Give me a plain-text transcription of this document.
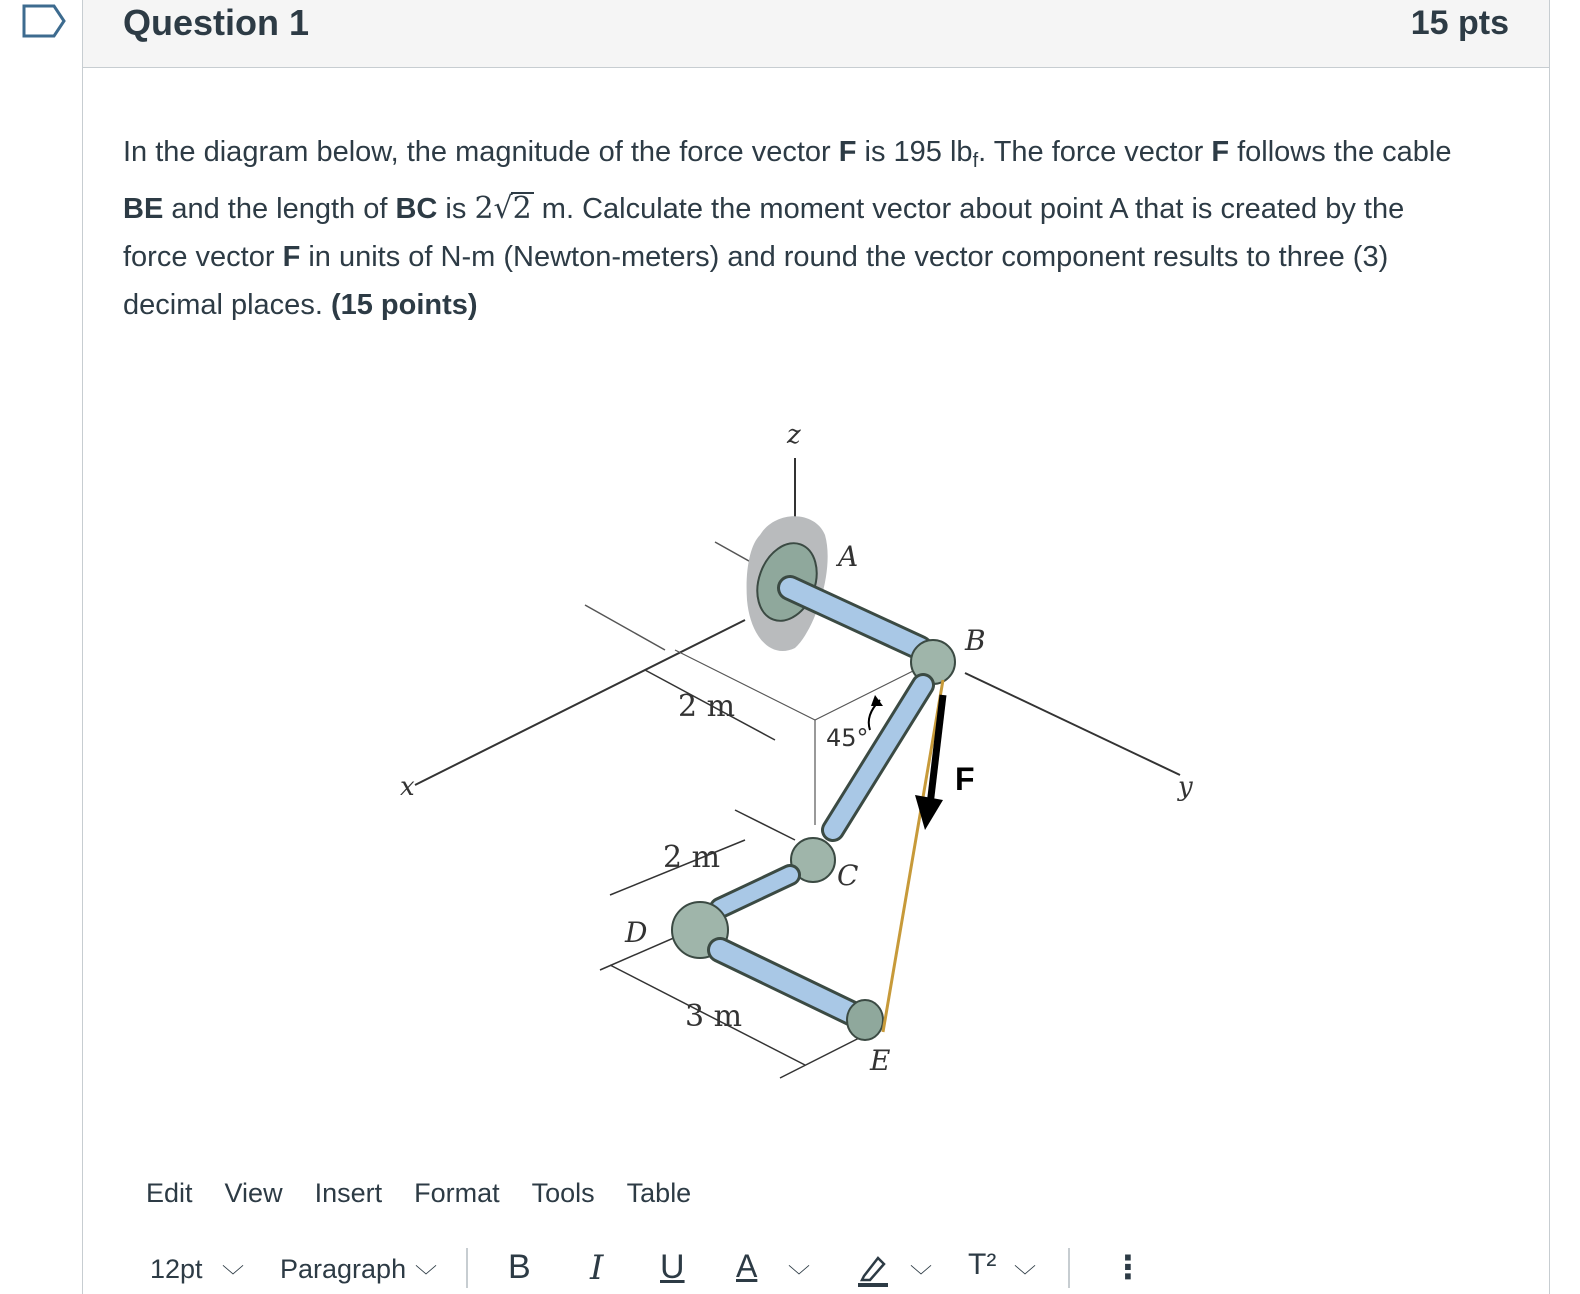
Question 1	15 pts
In the diagram below, the magnitude of the force vector F is 195 $lb_f$. The force vector F follows the cable BE and the length of BC is 2√2 m. Calculate the moment vector about point A that is created by the force vector F in units of N-m (Newton-meters) and round the vector component results to three (3) decimal places. (15 points)
z
x	y
A
B
C
D
E
F
2 m
2 m
3 m
45°
Edit View Insert Format Tools Table
12pt ﹀ Paragraph ﹀ B I U A ﹀	﹀ T² ﹀ ⋮
